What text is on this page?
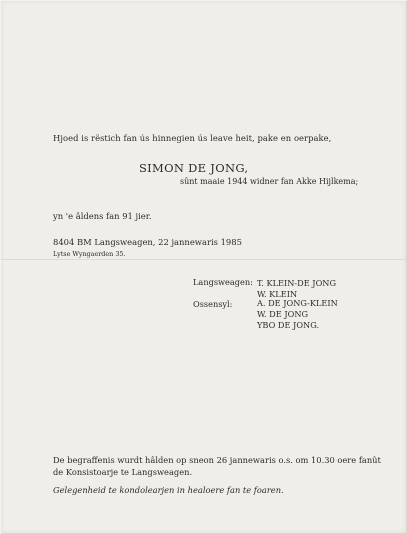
Hjoed is rëstich fan ús hinnegien ús leave heit, pake en oerpake,
SIMON DE JONG,
sûnt maaie 1944 widner fan Akke Hijlkema;
yn 'e âldens fan 91 jier.
8404 BM Langsweagen, 22 jannewaris 1985
Lytse Wyngaerden 35.
Langsweagen: T. KLEIN-DE JONG
W. KLEIN
Ossensyl:	A. DE JONG-KLEIN
W. DE JONG
YBO DE JONG.
De begraffenis wurdt hâlden op sneon 26 jannewaris o.s. om 10.30 oere fanût
de Konsistoarje te Langsweagen.
Gelegenheid te kondolearjen in healoere fan te foaren.
